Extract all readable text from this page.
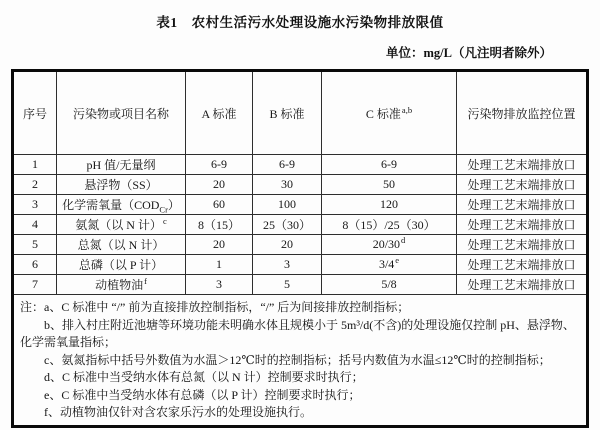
表1　农村生活污水处理设施水污染物排放限值
单位：mg/L（凡注明者除外）
序号	污染物或项目名称	A 标准	B 标准	C 标准$^{a,b}$	污染物排放监控位置
1	pH 值/无量纲	6-9	6-9	6-9	处理工艺末端排放口
2	悬浮物（SS）	20	30	50	处理工艺末端排放口
3	化学需氧量$(COD_{Cr})$	60	100	120	处理工艺末端排放口
4	氨氮（以 N 计）$^c$	8（15）	25（30）	8（15）/25（30）	处理工艺末端排放口
5	总氮（以 N 计）	20	20	20/30$^d$	处理工艺末端排放口
6	总磷（以 P 计）	1	3	3/4e	处理工艺末端排放口
7	动植物油$^f$	3	5	5/8	处理工艺末端排放口

注：a、C 标准中 “/” 前为直接排放控制指标，“/” 后为间接排放控制指标；
b、排入村庄附近池塘等环境功能未明确水体且规模小于 5m³/d(不含)的处理设施仅控制 pH、悬浮物、化学需氧量指标；
c、氨氮指标中括号外数值为水温＞12℃时的控制指标；括号内数值为水温≤12℃时的控制指标；
d、C 标准中当受纳水体有总氮（以 N 计）控制要求时执行；
e、C 标准中当受纳水体有总磷（以 P 计）控制要求时执行；
f、动植物油仅针对含农家乐污水的处理设施执行。
